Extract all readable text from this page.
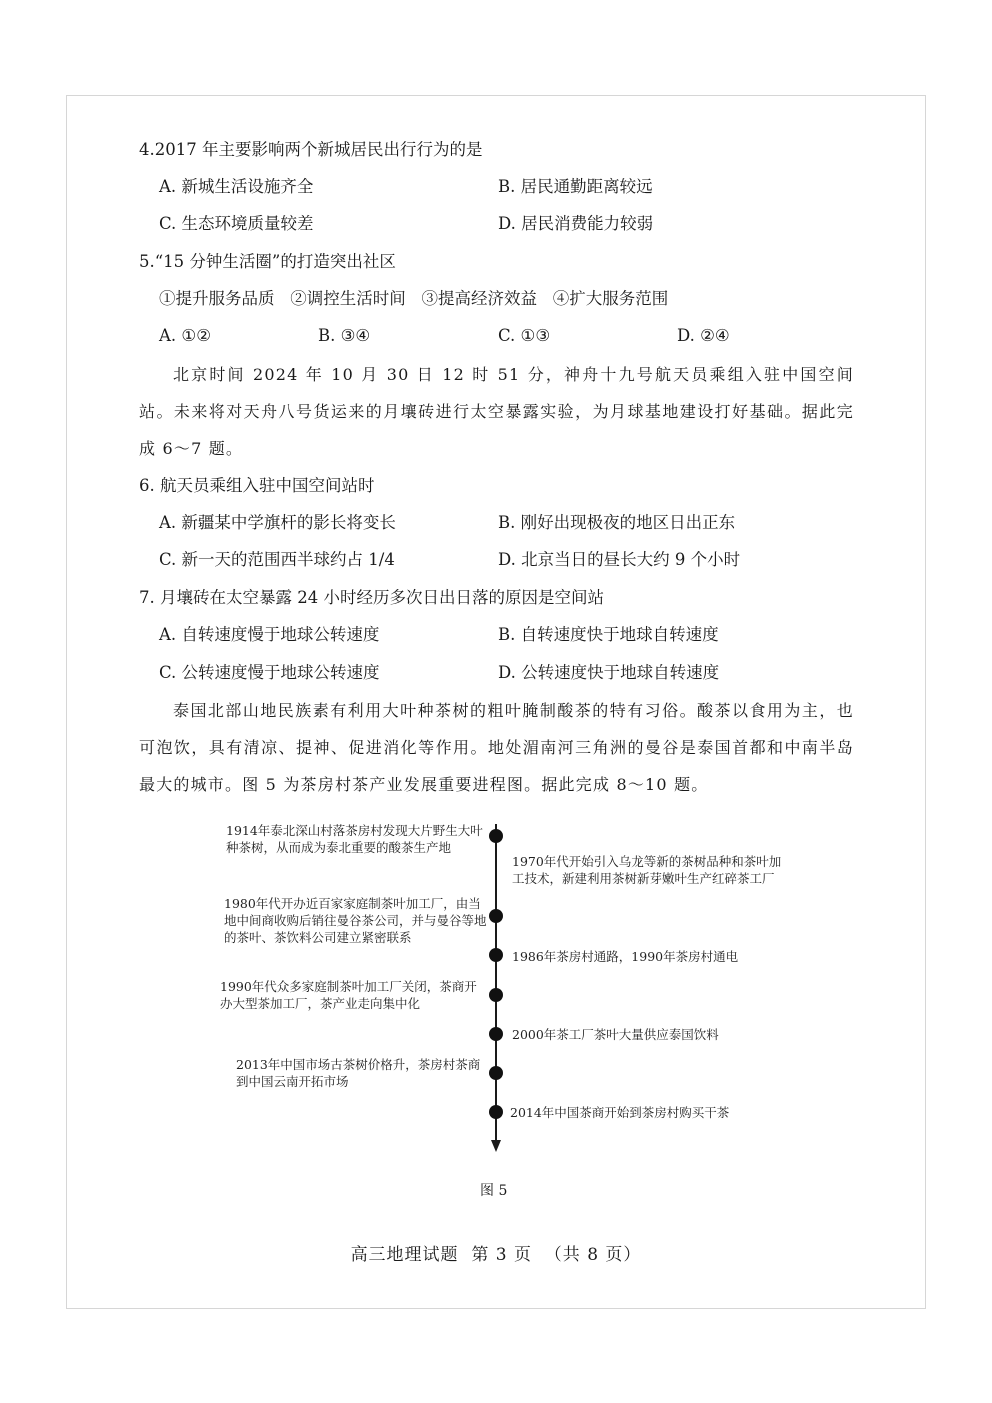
4.2017 年主要影响两个新城居民出行行为的是
A. 新城生活设施齐全	B. 居民通勤距离较远
C. 生态环境质量较差	D. 居民消费能力较弱
5.“15 分钟生活圈”的打造突出社区
①提升服务品质   ②调控生活时间   ③提高经济效益   ④扩大服务范围
A. ①②	B. ③④	C. ①③	D. ②④

北京时间 2024 年 10 月 30 日 12 时 51 分，神舟十九号航天员乘组入驻中国空间站。未来将对天舟八号货运来的月壤砖进行太空暴露实验，为月球基地建设打好基础。据此完成 6～7 题。

6. 航天员乘组入驻中国空间站时
A. 新疆某中学旗杆的影长将变长	B. 刚好出现极夜的地区日出正东
C. 新一天的范围西半球约占 1/4	D. 北京当日的昼长大约 9 个小时
7. 月壤砖在太空暴露 24 小时经历多次日出日落的原因是空间站
A. 自转速度慢于地球公转速度	B. 自转速度快于地球自转速度
C. 公转速度慢于地球公转速度	D. 公转速度快于地球自转速度

泰国北部山地民族素有利用大叶种茶树的粗叶腌制酸茶的特有习俗。酸茶以食用为主，也可泡饮，具有清凉、提神、促进消化等作用。地处湄南河三角洲的曼谷是泰国首都和中南半岛最大的城市。图 5 为茶房村茶产业发展重要进程图。据此完成 8～10 题。

1914年泰北深山村落茶房村发现大片野生大叶种茶树，从而成为泰北重要的酸茶生产地
1970年代开始引入乌龙等新的茶树品种和茶叶加工技术，新建利用茶树新芽嫩叶生产红碎茶工厂
1980年代开办近百家家庭制茶叶加工厂，由当地中间商收购后销往曼谷茶公司，并与曼谷等地的茶叶、茶饮料公司建立紧密联系
1986年茶房村通路，1990年茶房村通电
1990年代众多家庭制茶叶加工厂关闭，茶商开办大型茶加工厂，茶产业走向集中化
2000年茶工厂茶叶大量供应泰国饮料
2013年中国市场古茶树价格升，茶房村茶商到中国云南开拓市场
2014年中国茶商开始到茶房村购买干茶
图 5
高三地理试题  第 3 页  （共 8 页）
